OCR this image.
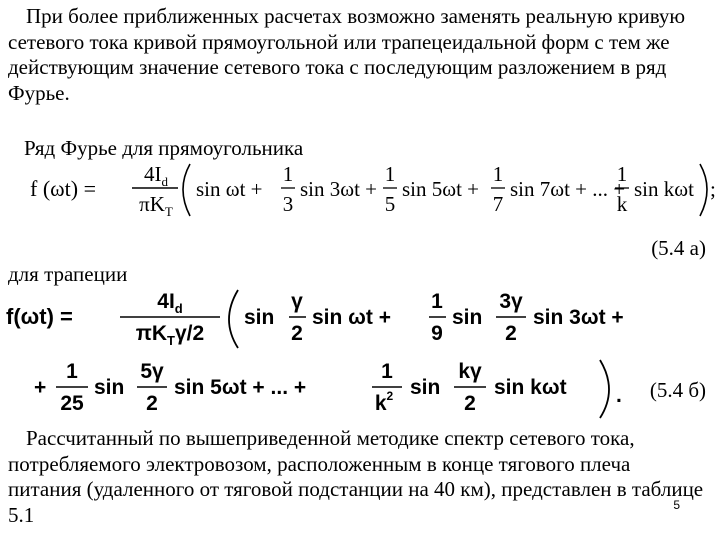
При более приближенных расчетах возможно заменять реальную кривую сетевого тока кривой прямоугольной или трапецеидальной форм с тем же действующим значение сетевого тока с последующим разложением в ряд Фурье.

Ряд Фурье для прямоугольника

f (ωt) =
$4I_d$
$\pi K_T$
sin ωt +
1
3
sin 3ωt +
1
5
sin 5ωt +
1
7
sin 7ωt + ... +
1
k
sin kωt ;
(5.4 а)

для трапеции

f(ωt) =
$4I_d$
$\pi K_T\gamma/2$
sin
γ
2
sin ωt +
1
9
sin
3γ
2
sin 3ωt +
+
1
25
sin
5γ
2
sin 5ωt + ... +
1
$k^2$ sin
kγ
2
sin kωt . (5.4 б)

Рассчитанный по вышеприведенной методике спектр сетевого тока, потребляемого электровозом, расположенным в конце тягового плеча питания (удаленного от тяговой подстанции на 40 км), представлен в таблице 5.1	5
